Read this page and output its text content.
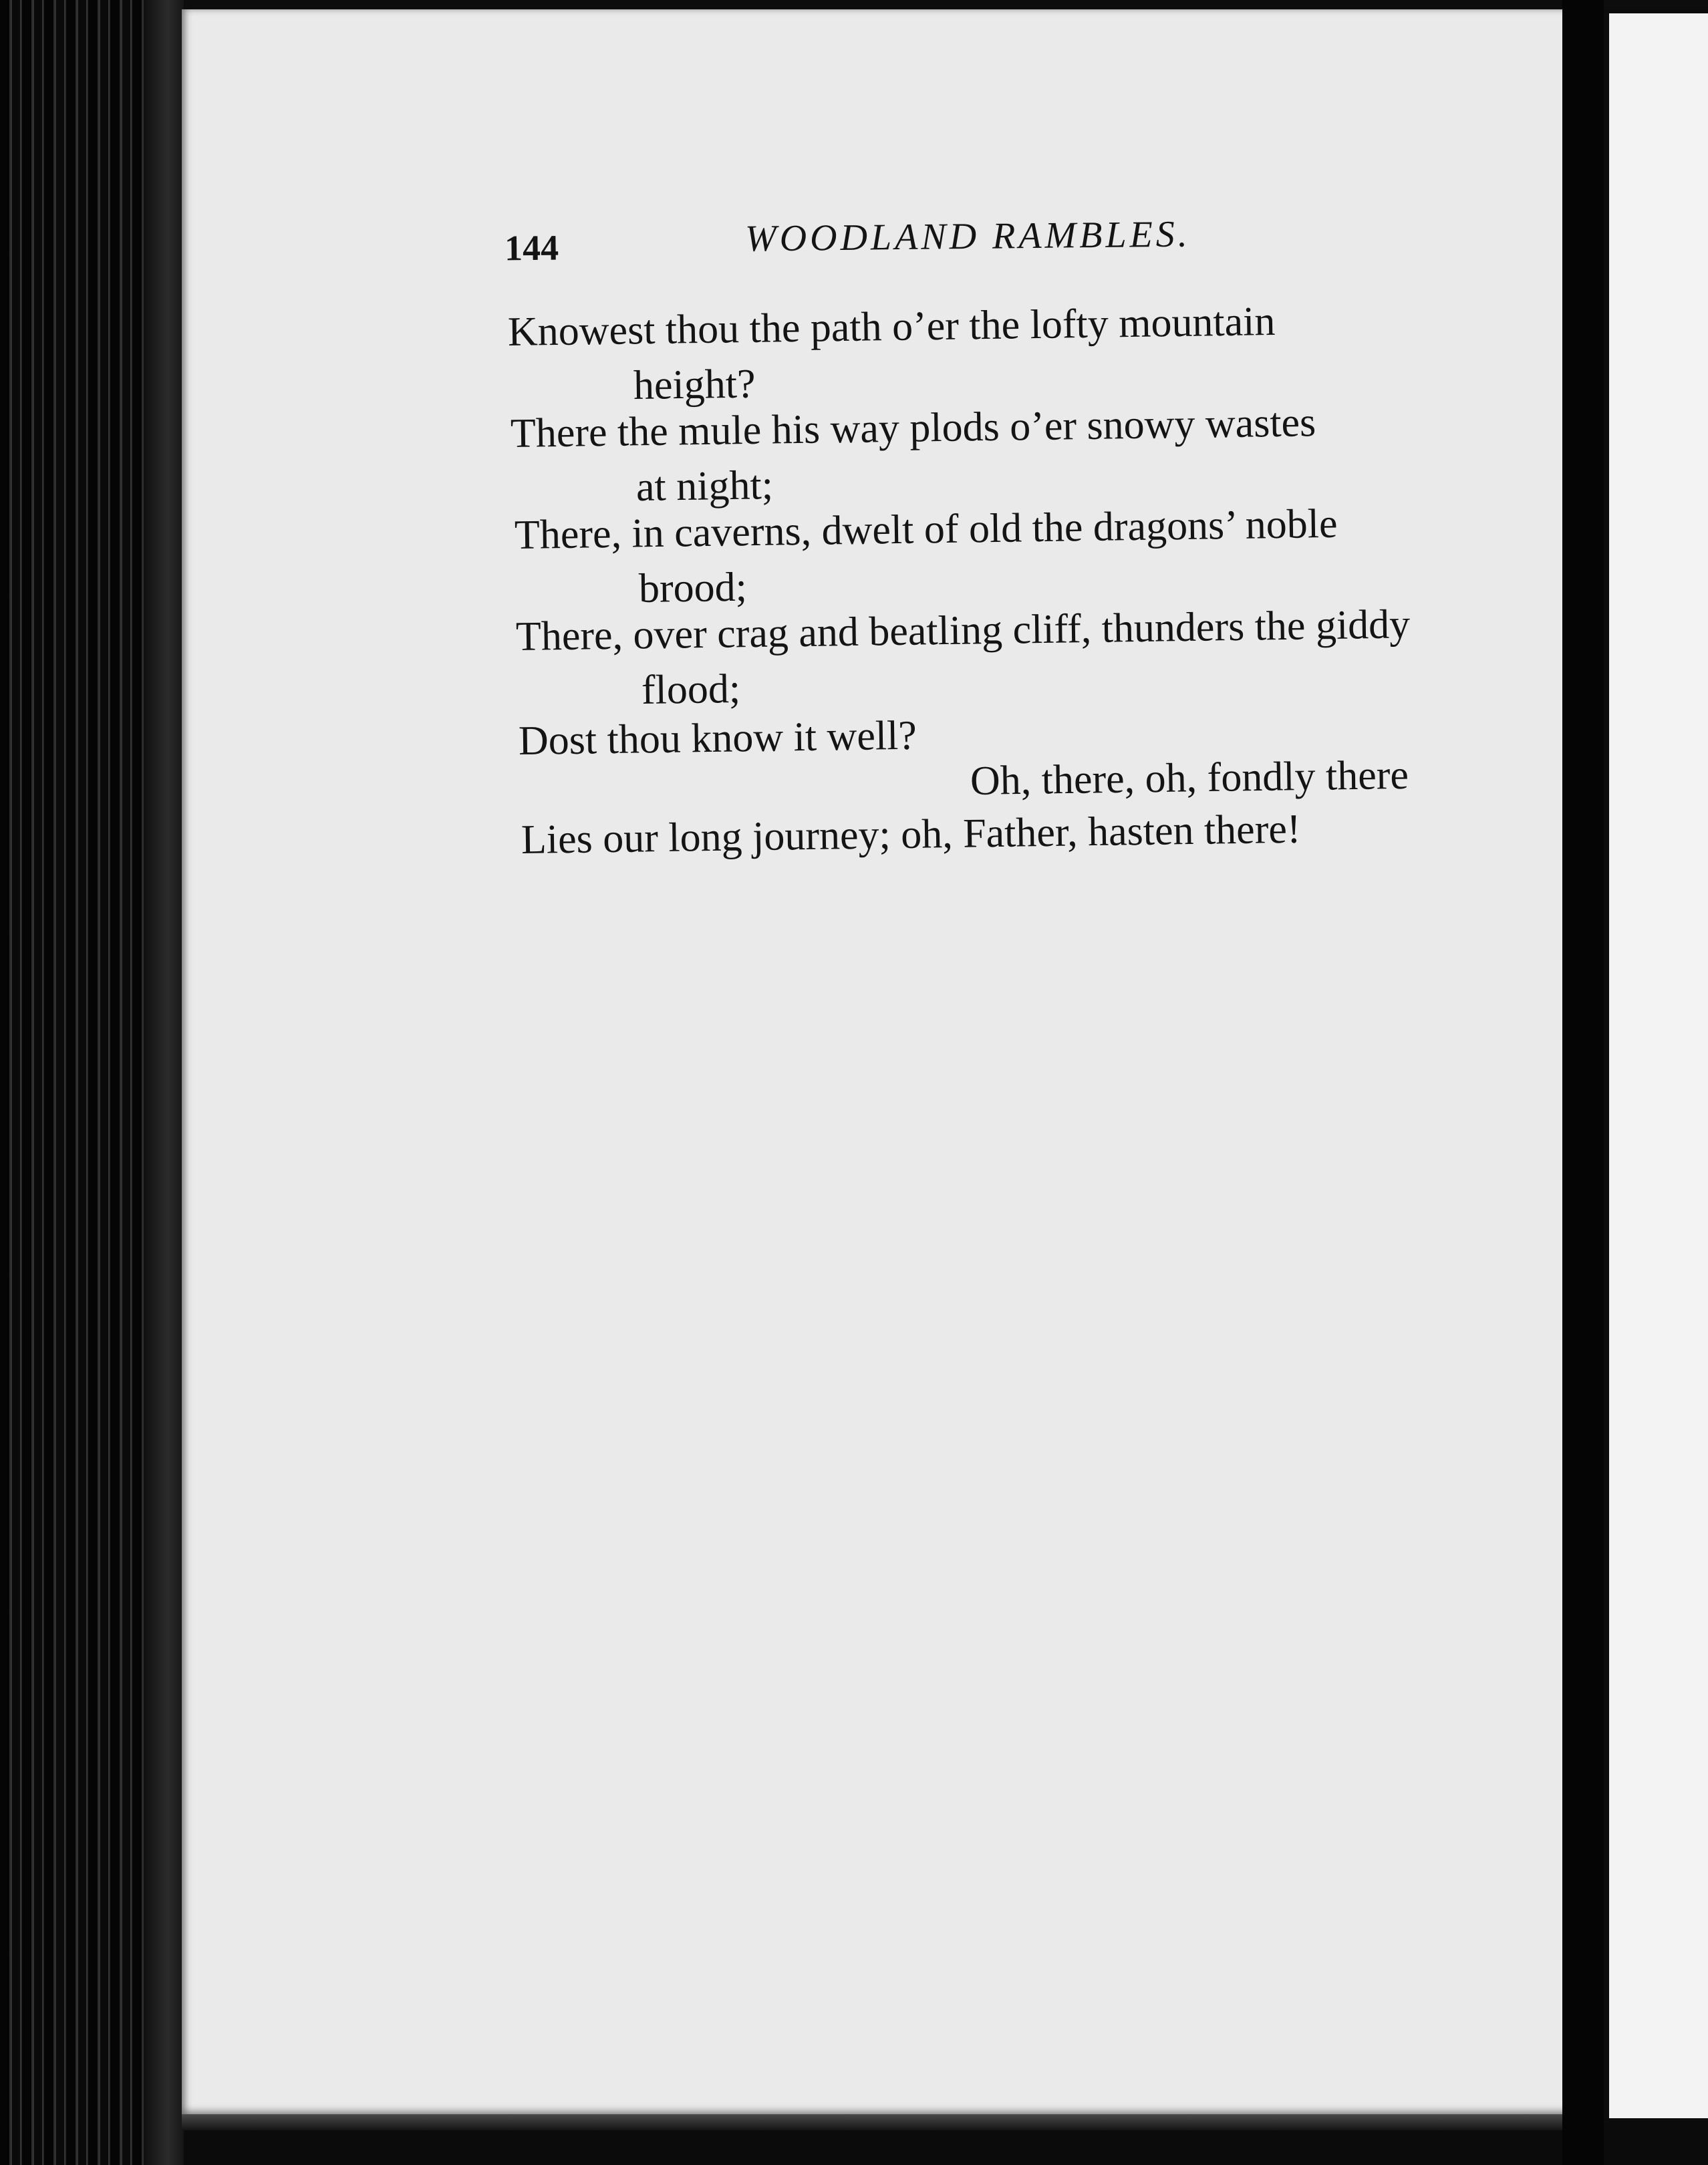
144	WOODLAND RAMBLES.
Knowest thou the path o’er the lofty mountain
height?
There the mule his way plods o’er snowy wastes
at night;
There, in caverns, dwelt of old the dragons’ noble
brood;
There, over crag and beatling cliff, thunders the giddy
flood;
Dost thou know it well?
Oh, there, oh, fondly there
Lies our long journey; oh, Father, hasten there!
